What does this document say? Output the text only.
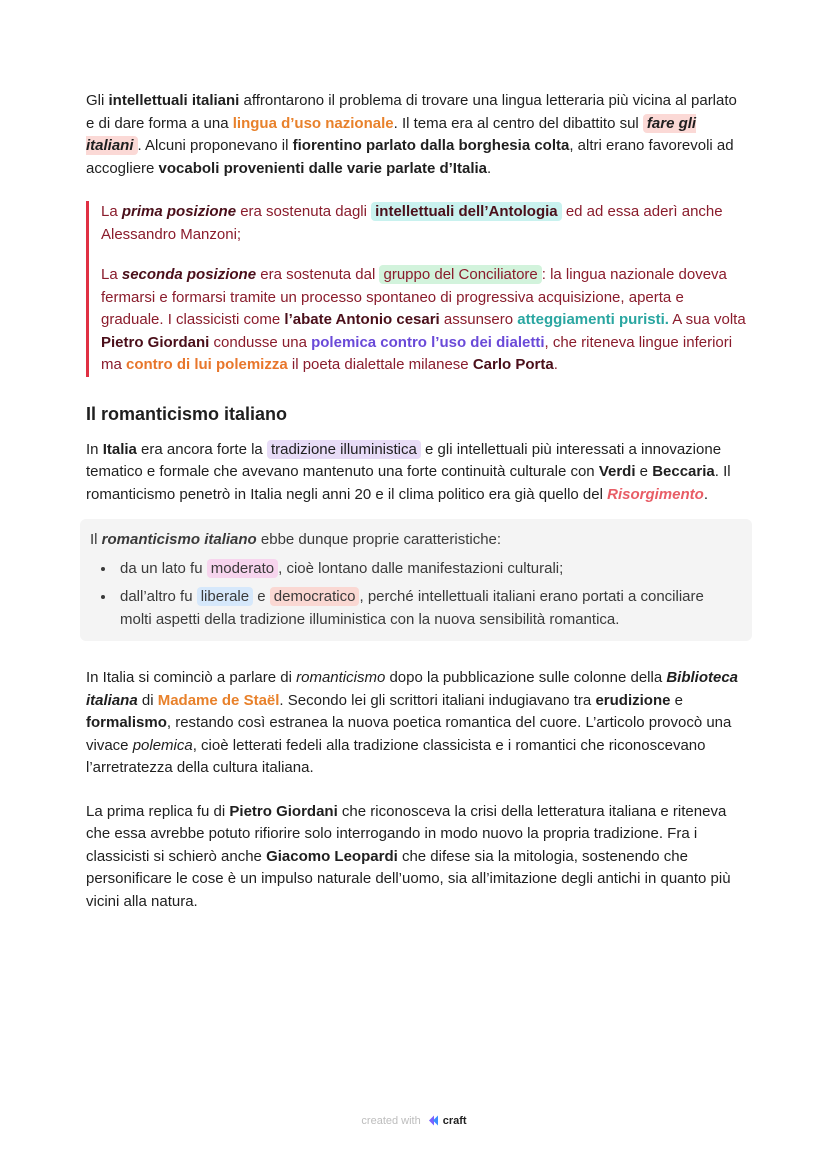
Gli intellettuali italiani affrontarono il problema di trovare una lingua letteraria più vicina al parlato e di dare forma a una lingua d’uso nazionale. Il tema era al centro del dibattito sul fare gli italiani . Alcuni proponevano il fiorentino parlato dalla borghesia colta, altri erano favorevoli ad accogliere vocaboli provenienti dalle varie parlate d’Italia.

La prima posizione era sostenuta dagli intellettuali dell’Antologia ed ad essa aderì anche Alessandro Manzoni;

La seconda posizione era sostenuta dal gruppo del Conciliatore : la lingua nazionale doveva fermarsi e formarsi tramite un processo spontaneo di progressiva acquisizione, aperta e graduale. I classicisti come l’abate Antonio cesari assunsero atteggiamenti puristi. A sua volta Pietro Giordani condusse una polemica contro l’uso dei dialetti, che riteneva lingue inferiori ma contro di lui polemizza il poeta dialettale milanese Carlo Porta.

Il romanticismo italiano

In Italia era ancora forte la tradizione illuministica e gli intellettuali più interessati a innovazione tematico e formale che avevano mantenuto una forte continuità culturale con Verdi e Beccaria. Il romanticismo penetrò in Italia negli anni 20 e il clima politico era già quello del Risorgimento.

Il romanticismo italiano ebbe dunque proprie caratteristiche:

• da un lato fu moderato , cioè lontano dalle manifestazioni culturali;
• dall’altro fu liberale e democratico , perché intellettuali italiani erano portati a conciliare molti aspetti della tradizione illuministica con la nuova sensibilità romantica.

In Italia si cominciò a parlare di romanticismo dopo la pubblicazione sulle colonne della Biblioteca italiana di Madame de Staël. Secondo lei gli scrittori italiani indugiavano tra erudizione e formalismo, restando così estranea la nuova poetica romantica del cuore. L’articolo provocò una vivace polemica, cioè letterati fedeli alla tradizione classicista e i romantici che riconoscevano l’arretratezza della cultura italiana.

La prima replica fu di Pietro Giordani che riconosceva la crisi della letteratura italiana e riteneva che essa avrebbe potuto rifiorire solo interrogando in modo nuovo la propria tradizione. Fra i classicisti si schierò anche Giacomo Leopardi che difese sia la mitologia, sostenendo che personificare le cose è un impulso naturale dell’uomo, sia all’imitazione degli antichi in quanto più vicini alla natura.

created with craft
